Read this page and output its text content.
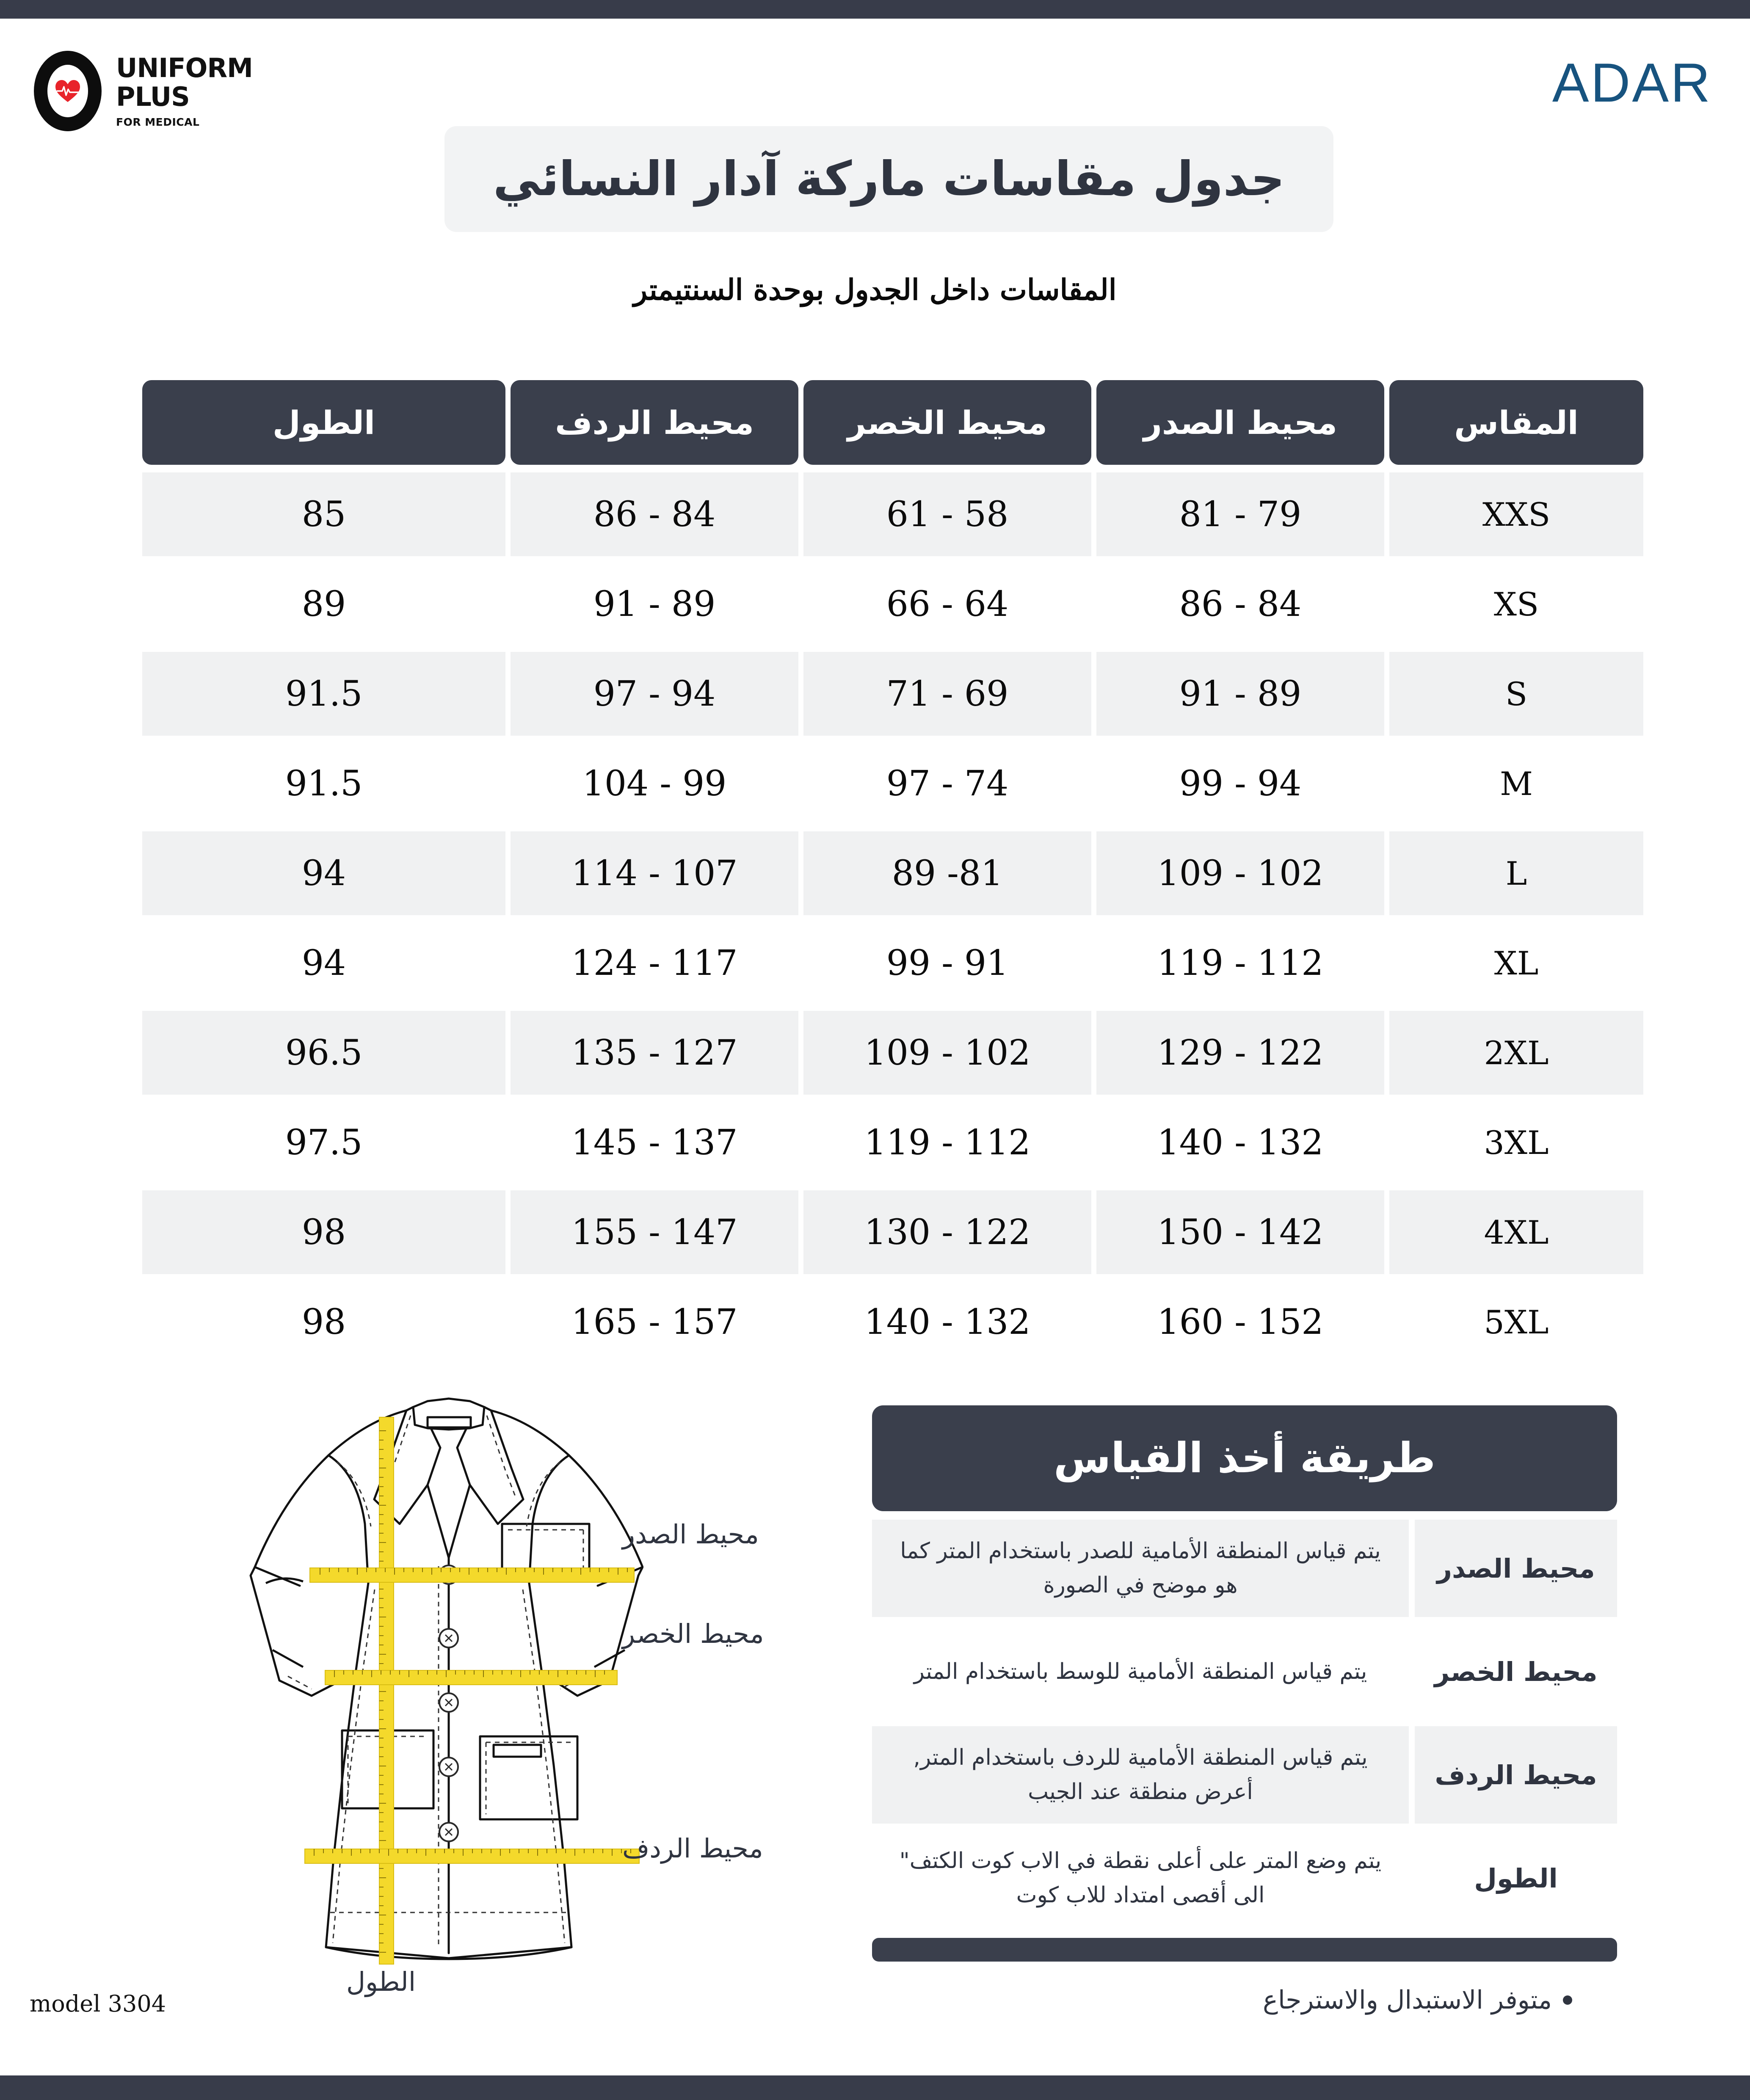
UNIFORM
PLUS
FOR MEDICAL
ADAR
جدول مقاسات ماركة آدار النسائي
المقاسات داخل الجدول بوحدة السنتيمتر
المقاس
محيط الصدر
محيط الخصر
محيط الردف
الطول
XXS
79 - 81
58 - 61
84 - 86
85
XS
84 - 86
64 - 66
89 - 91
89
S
89 - 91
69 - 71
94 - 97
91.5
M
94 - 99
74 - 97
99 - 104
91.5
L
102 - 109
81- 89
107 - 114
94
XL
112 - 119
91 - 99
117 - 124
94
2XL
122 - 129
102 - 109
127 - 135
96.5
3XL
132 - 140
112 - 119
137 - 145
97.5
4XL
142 - 150
122 - 130
147 - 155
98
5XL
152 - 160
132 - 140
157 - 165
98
محيط الصدر
محيط الخصر
محيط الردف
الطول
model 3304
طريقة أخذ القياس
محيط الصدر
يتم قياس المنطقة الأمامية للصدر باستخدام المتر كما هو موضح في الصورة
محيط الخصر
يتم قياس المنطقة الأمامية للوسط باستخدام المتر
محيط الردف
يتم قياس المنطقة الأمامية للردف باستخدام المتر, أعرض منطقة عند الجيب
الطول
يتم وضع المتر على أعلى نقطة في الاب كوت الكتف" الى أقصى امتداد للاب كوت
متوفر الاستبدال والاسترجاع
